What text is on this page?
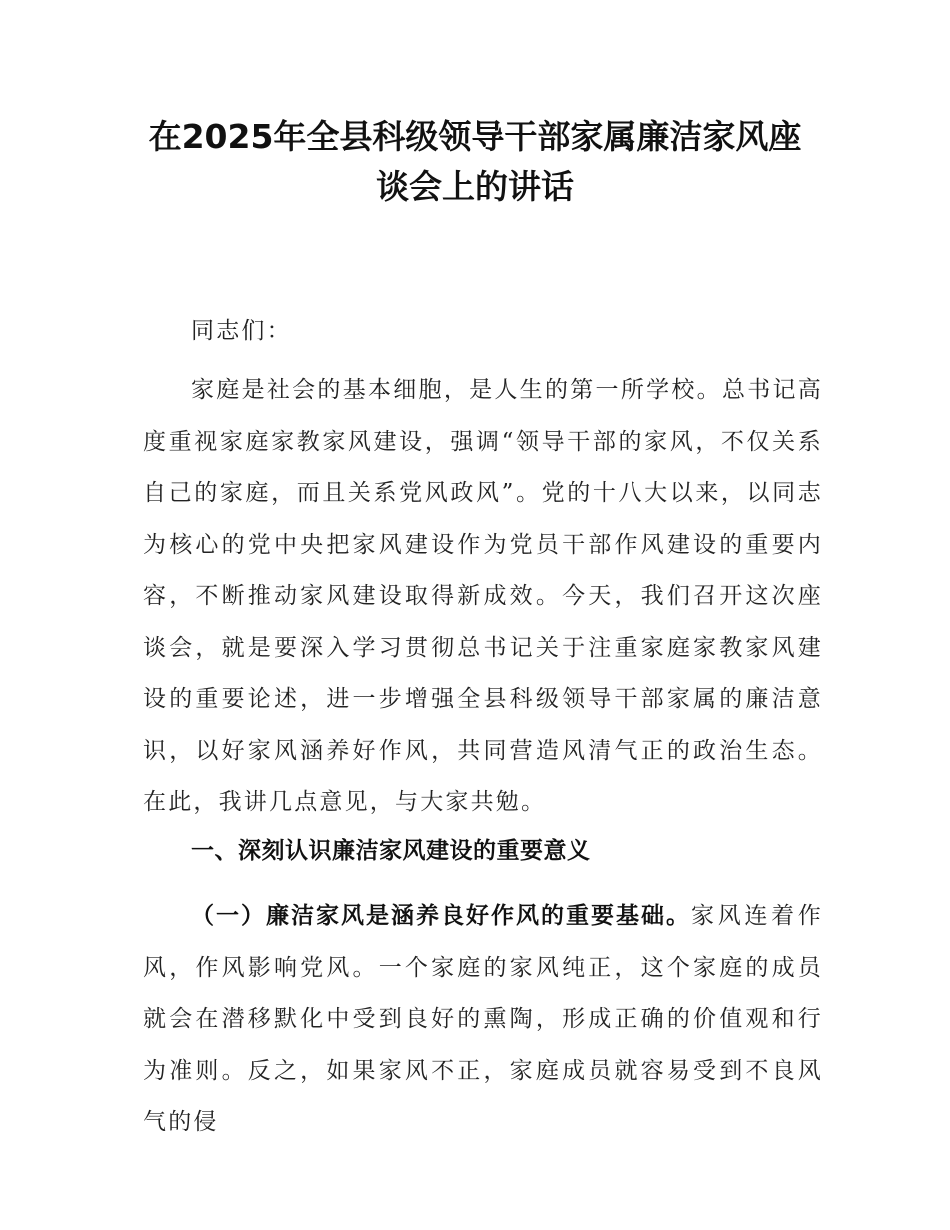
在2025年全县科级领导干部家属廉洁家风座
谈会上的讲话
同志们：
家庭是社会的基本细胞，是人生的第一所学校。总书记高度重视家庭家教家风建设，强调“领导干部的家风，不仅关系自己的家庭，而且关系党风政风”。党的十八大以来，以同志为核心的党中央把家风建设作为党员干部作风建设的重要内容，不断推动家风建设取得新成效。今天，我们召开这次座谈会，就是要深入学习贯彻总书记关于注重家庭家教家风建设的重要论述，进一步增强全县科级领导干部家属的廉洁意识，以好家风涵养好作风，共同营造风清气正的政治生态。在此，我讲几点意见，与大家共勉。
一、深刻认识廉洁家风建设的重要意义
（一）廉洁家风是涵养良好作风的重要基础。家风连着作风，作风影响党风。一个家庭的家风纯正，这个家庭的成员就会在潜移默化中受到良好的熏陶，形成正确的价值观和行为准则。反之，如果家风不正，家庭成员就容易受到不良风气的侵
